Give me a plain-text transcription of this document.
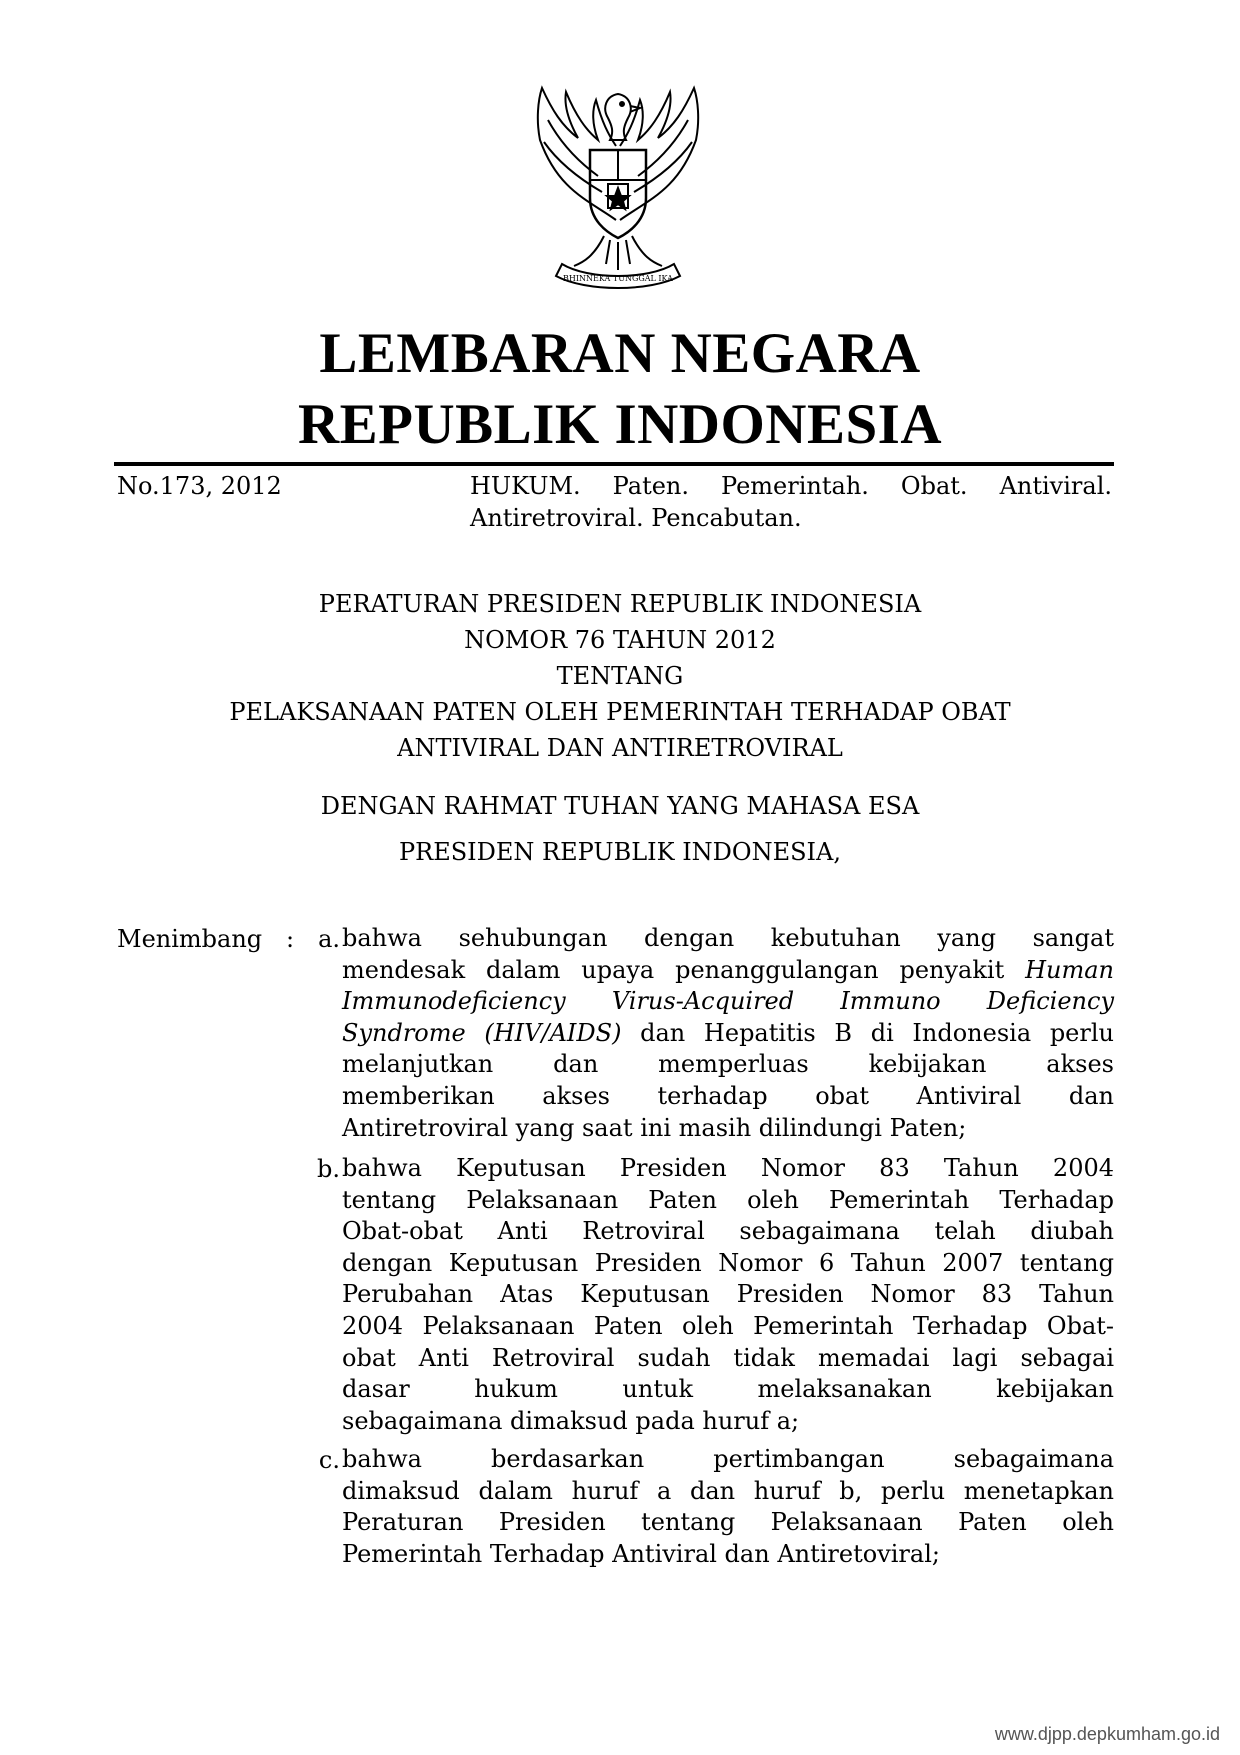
BHINNEKA TUNGGAL IKA
LEMBARAN NEGARA
REPUBLIK INDONESIA
No.173, 2012	HUKUM. Paten. Pemerintah. Obat. Antiviral.
Antiretroviral. Pencabutan.
PERATURAN PRESIDEN REPUBLIK INDONESIA
NOMOR 76 TAHUN 2012
TENTANG
PELAKSANAAN PATEN OLEH PEMERINTAH TERHADAP OBAT
ANTIVIRAL DAN ANTIRETROVIRAL
DENGAN RAHMAT TUHAN YANG MAHASA ESA
PRESIDEN REPUBLIK INDONESIA,
Menimbang : a. bahwa sehubungan dengan kebutuhan yang sangat
mendesak dalam upaya penanggulangan penyakit Human
Immunodeficiency Virus-Acquired Immuno Deficiency
Syndrome (HIV/AIDS) dan Hepatitis B di Indonesia perlu
melanjutkan dan memperluas kebijakan akses
memberikan akses terhadap obat Antiviral dan
Antiretroviral yang saat ini masih dilindungi Paten;
b. bahwa Keputusan Presiden Nomor 83 Tahun 2004
tentang Pelaksanaan Paten oleh Pemerintah Terhadap
Obat-obat Anti Retroviral sebagaimana telah diubah
dengan Keputusan Presiden Nomor 6 Tahun 2007 tentang
Perubahan Atas Keputusan Presiden Nomor 83 Tahun
2004 Pelaksanaan Paten oleh Pemerintah Terhadap Obat-
obat Anti Retroviral sudah tidak memadai lagi sebagai
dasar hukum untuk melaksanakan kebijakan
sebagaimana dimaksud pada huruf a;
c. bahwa berdasarkan pertimbangan sebagaimana
dimaksud dalam huruf a dan huruf b, perlu menetapkan
Peraturan Presiden tentang Pelaksanaan Paten oleh
Pemerintah Terhadap Antiviral dan Antiretoviral;
www.djpp.depkumham.go.id
